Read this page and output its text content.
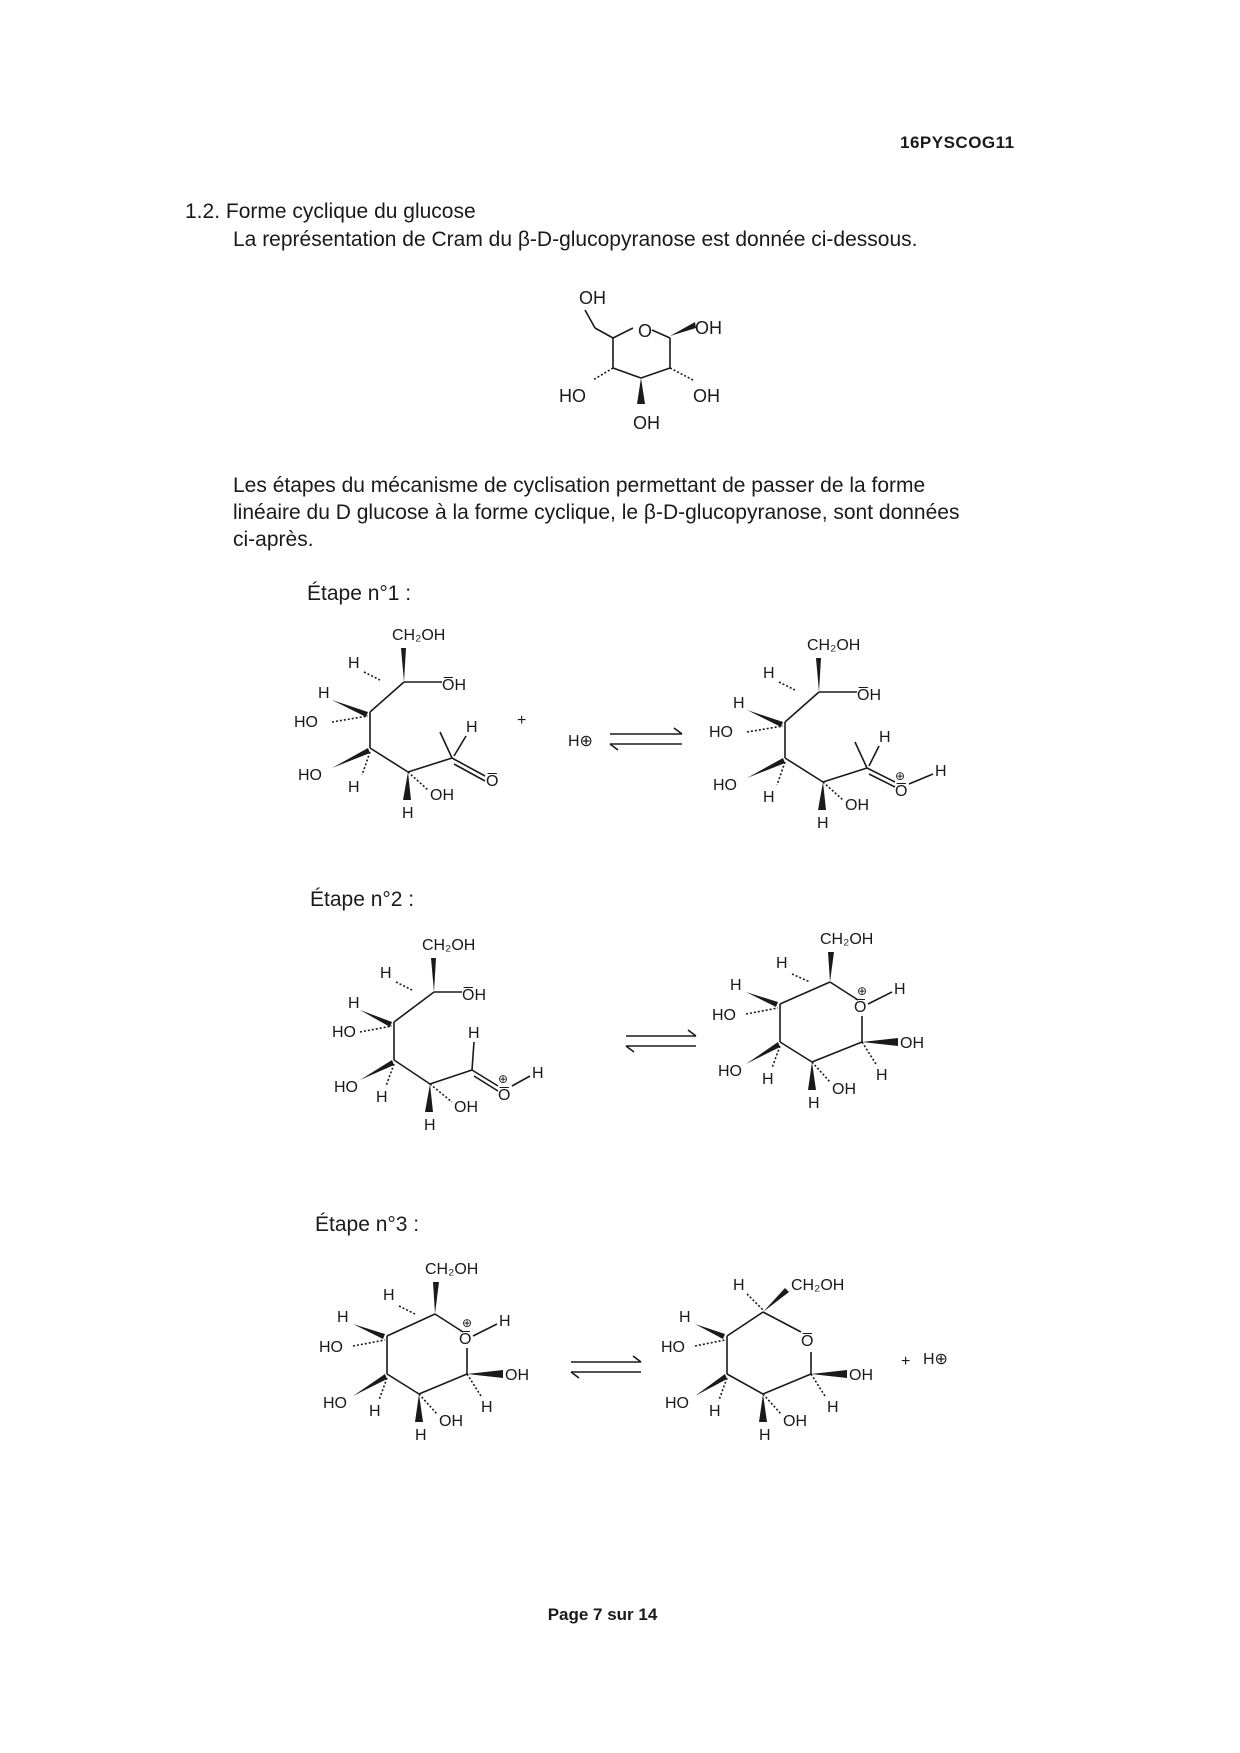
16PYSCOG11
1.2. Forme cyclique du glucose
La représentation de Cram du β-D-glucopyranose est donnée ci-dessous.
OH
O OH
HO	OH
OH
Les étapes du mécanisme de cyclisation permettant de passer de la forme
linéaire du D glucose à la forme cyclique, le β-D-glucopyranose, sont données
ci-après.
Étape n°1 :
CH₂OH
H
O̅H
H
HO
HO
H
H
OH
H
O̅
+
H⊕
CH₂OH
H
O̅H
H
HO
HO
H
H
OH
H
O̅
⊕ H
Étape n°2 :
CH₂OH
H
O̅H
H
HO
HO
H
H
OH
H
O̅
⊕ H
CH₂OH
H
O̅
⊕ H
H
HO
OH
H
HO H
H
OH
Étape n°3 :
CH₂OH
H
O̅
⊕ H
H
HO
OH
H
HO H
H
OH
H	CH₂OH
O̅
H
HO
OH
H
HO H
H
OH
+ H⊕
Page 7 sur 14
